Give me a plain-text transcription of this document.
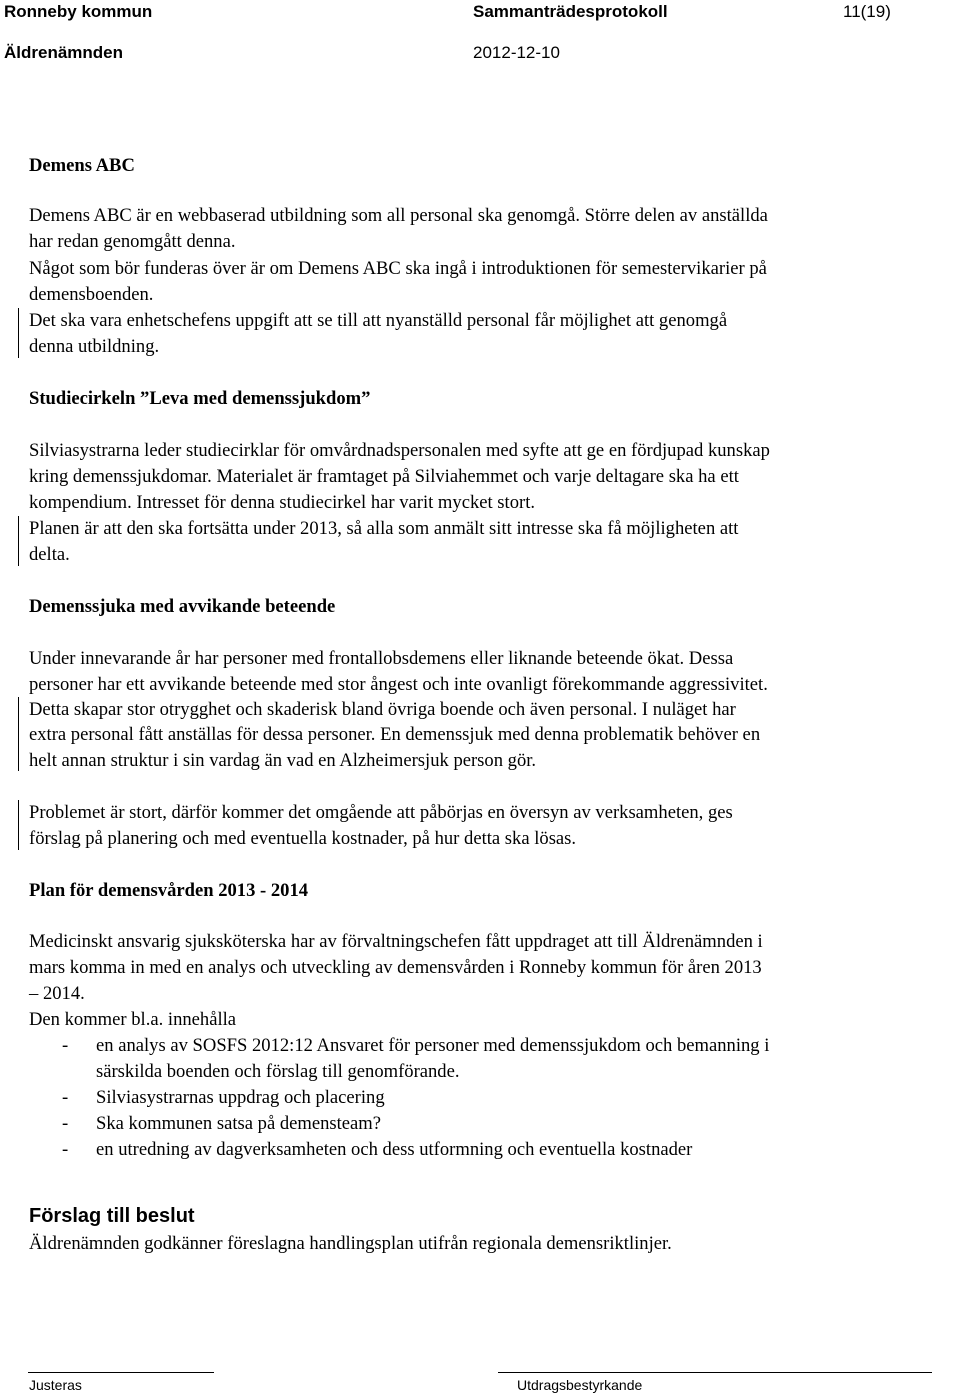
Ronneby kommun	Sammanträdesprotokoll	11(19)
Äldrenämnden	2012-12-10
Demens ABC
Demens ABC är en webbaserad utbildning som all personal ska genomgå. Större delen av anställda
har redan genomgått denna.
Något som bör funderas över är om Demens ABC ska ingå i introduktionen för semestervikarier på
demensboenden.
Det ska vara enhetschefens uppgift att se till att nyanställd personal får möjlighet att genomgå
denna utbildning.
Studiecirkeln ”Leva med demenssjukdom”
Silviasystrarna leder studiecirklar för omvårdnadspersonalen med syfte att ge en fördjupad kunskap
kring demenssjukdomar. Materialet är framtaget på Silviahemmet och varje deltagare ska ha ett
kompendium. Intresset för denna studiecirkel har varit mycket stort.
Planen är att den ska fortsätta under 2013, så alla som anmält sitt intresse ska få möjligheten att
delta.
Demenssjuka med avvikande beteende
Under innevarande år har personer med frontallobsdemens eller liknande beteende ökat. Dessa
personer har ett avvikande beteende med stor ångest och inte ovanligt förekommande aggressivitet.
Detta skapar stor otrygghet och skaderisk bland övriga boende och även personal. I nuläget har
extra personal fått anställas för dessa personer. En demenssjuk med denna problematik behöver en
helt annan struktur i sin vardag än vad en Alzheimersjuk person gör.
Problemet är stort, därför kommer det omgående att påbörjas en översyn av verksamheten, ges
förslag på planering och med eventuella kostnader, på hur detta ska lösas.
Plan för demensvården 2013 - 2014
Medicinskt ansvarig sjuksköterska har av förvaltningschefen fått uppdraget att till Äldrenämnden i
mars komma in med en analys och utveckling av demensvården i Ronneby kommun för åren 2013
– 2014.
Den kommer bl.a. innehålla
- en analys av SOSFS 2012:12 Ansvaret för personer med demenssjukdom och bemanning i
särskilda boenden och förslag till genomförande.
- Silviasystrarnas uppdrag och placering
- Ska kommunen satsa på demensteam?
- en utredning av dagverksamheten och dess utformning och eventuella kostnader
Förslag till beslut
Äldrenämnden godkänner föreslagna handlingsplan utifrån regionala demensriktlinjer.
Justeras	Utdragsbestyrkande
